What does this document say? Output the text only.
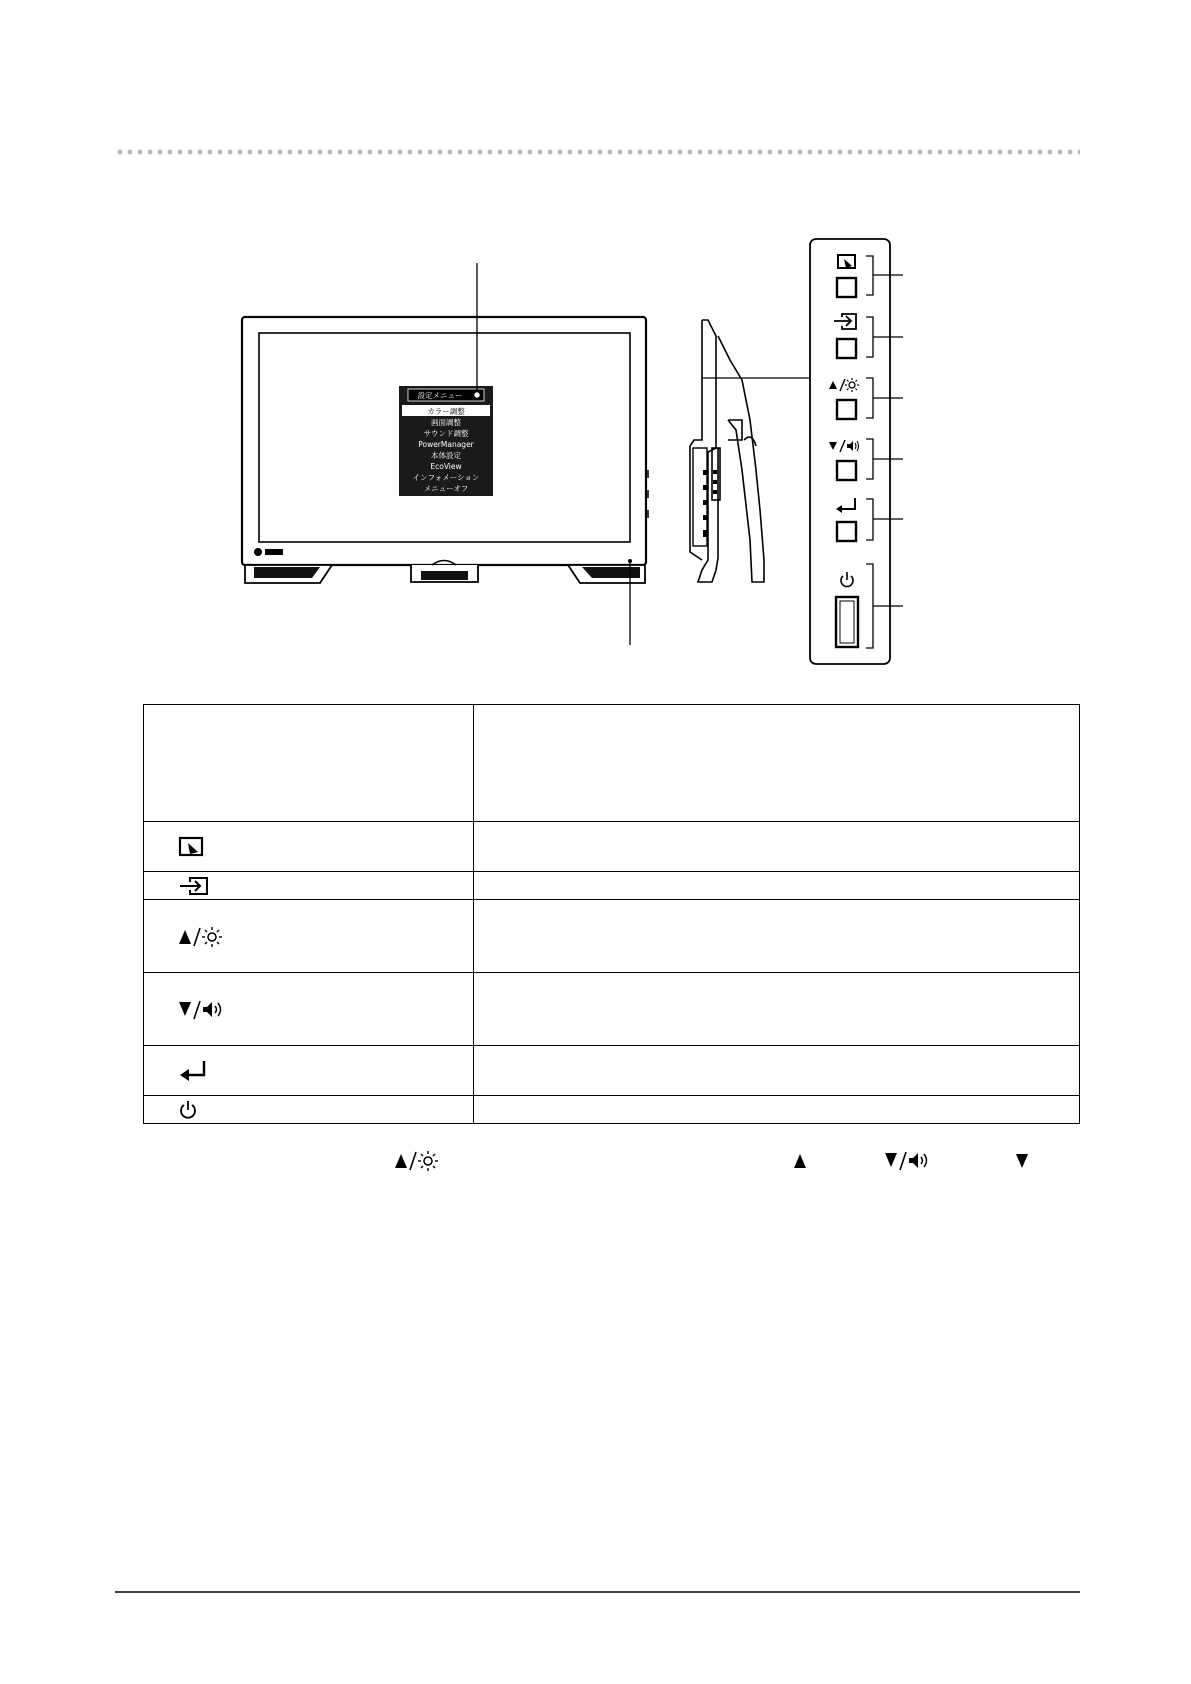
設定メニュー
カラー調整
画面調整
サウンド調整
PowerManager
本体設定
EcoView
インフォメーション
メニューオフ
